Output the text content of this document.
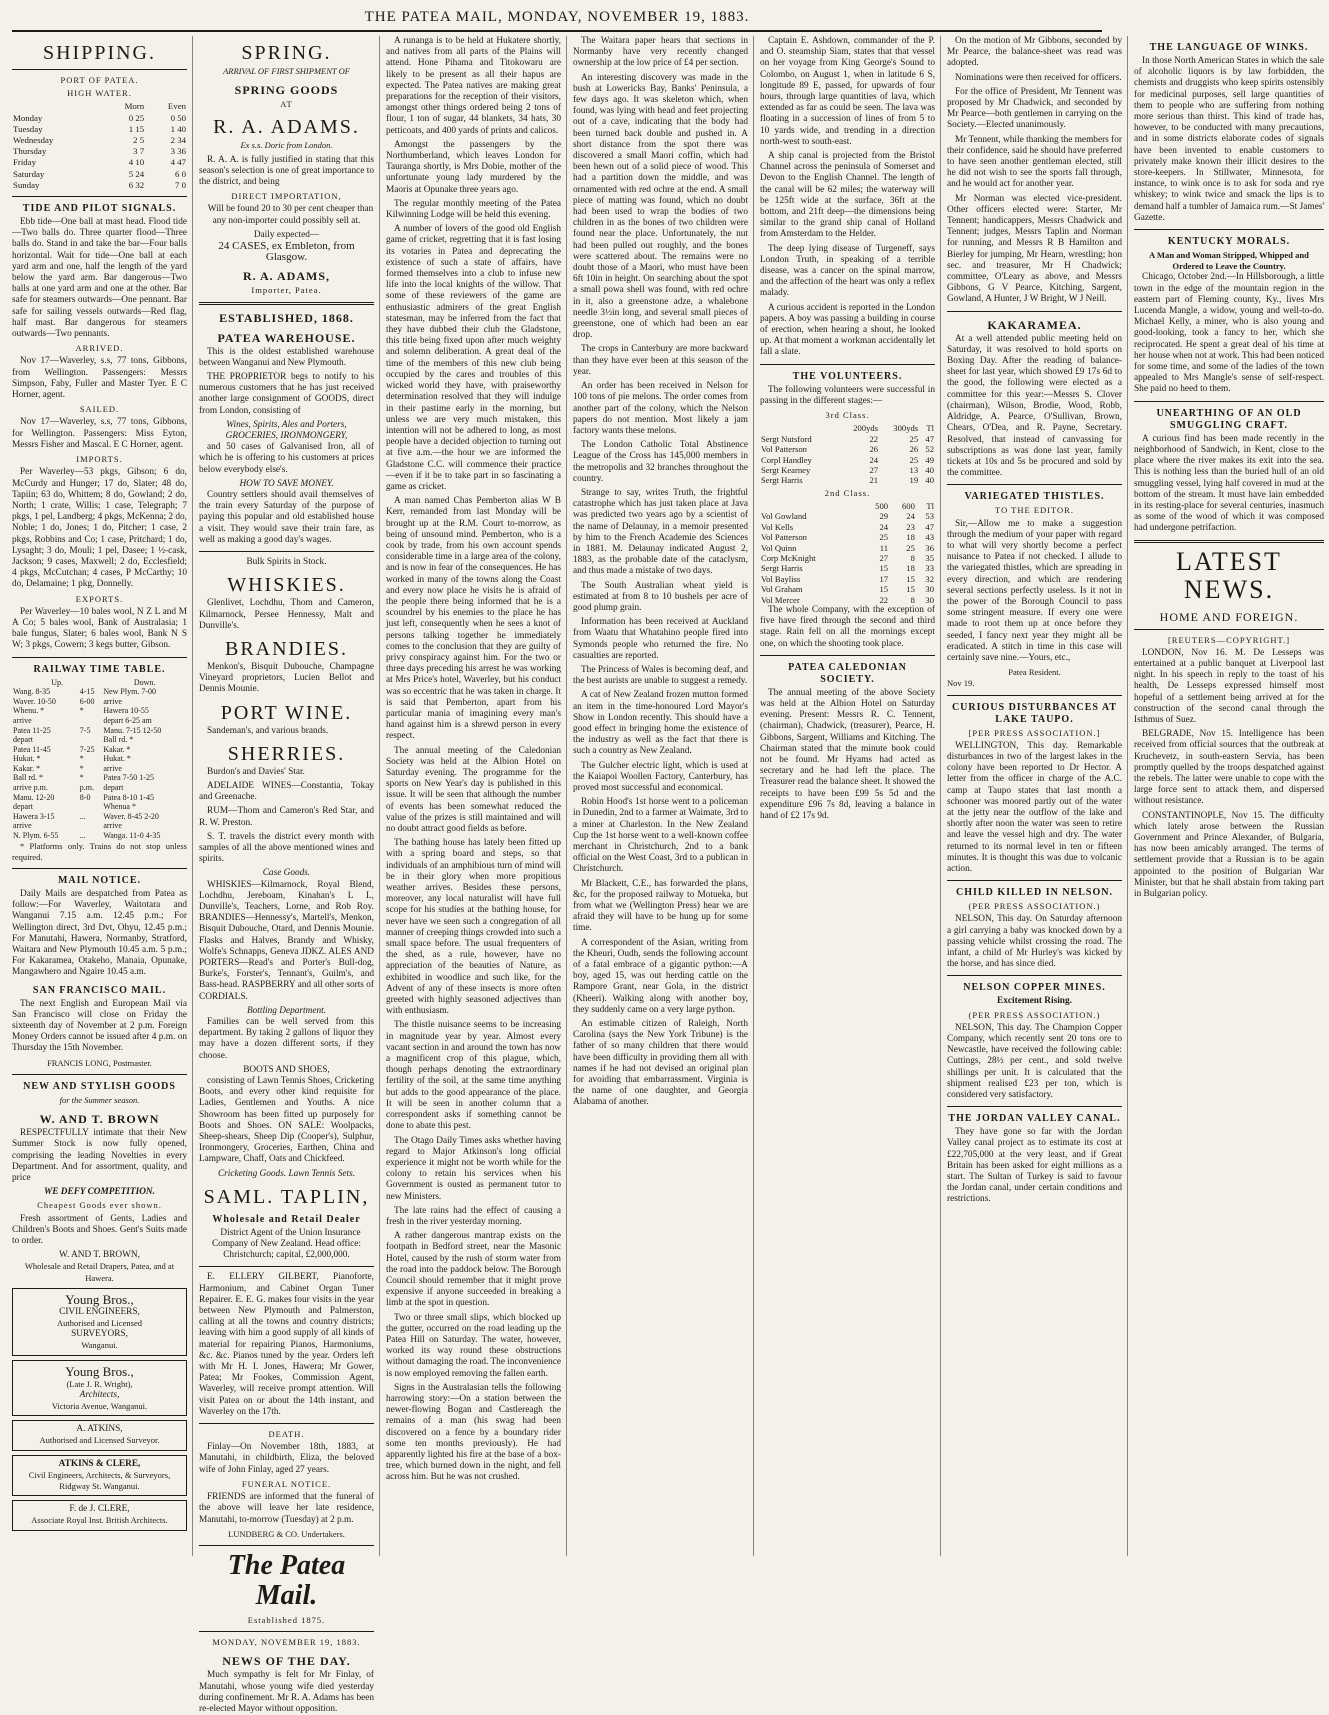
THE PATEA MAIL, MONDAY, NOVEMBER 19, 1883.
SHIPPING.
PORT OF PATEA.
HIGH WATER.
	Morn	Even
Monday	0 25	0 50
Tuesday	1 15	1 40
Wednesday	2 5	2 34
Thursday	3 7	3 36
Friday	4 10	4 47
Saturday	5 24	6 0
Sunday	6 32	7 0
TIDE AND PILOT SIGNALS.

Ebb tide—One ball at mast head. Flood tide—Two balls do. Three quarter flood—Three balls do. Stand in and take the bar—Four balls horizontal. Wait for tide—One ball at each yard arm and one, half the length of the yard below the yard arm. Bar dangerous—Two balls at one yard arm and one at the other. Bar safe for steamers outwards—One pennant. Bar safe for sailing vessels outwards—Red flag, half mast. Bar dangerous for steamers outwards—Two pennants.

ARRIVED.

Nov 17—Waverley, s.s, 77 tons, Gibbons, from Wellington. Passengers: Messrs Simpson, Faby, Fuller and Master Tyer. E C Horner, agent.

SAILED.

Nov 17—Waverley, s.s, 77 tons, Gibbons, for Wellington. Passengers: Miss Eyton, Messrs Fisher and Mascal. E C Horner, agent.

IMPORTS.

Per Waverley—53 pkgs, Gibson; 6 do, McCurdy and Hunger; 17 do, Slater; 48 do, Tapiin; 63 do, Whittem; 8 do, Gowland; 2 do, North; 1 crate, Willis; 1 case, Telegraph; 7 pkgs, 1 pel, Landberg; 4 pkgs, McKenna; 2 do, Noble; 1 do, Jones; 1 do, Pitcher; 1 case, 2 pkgs, Robbins and Co; 1 case, Pritchard; 1 do, Lysaght; 3 do, Mouli; 1 pel, Dasee; 1 ½-cask, Jackson; 9 cases, Maxwell; 2 do, Ecclesfield; 4 pkgs, McCutchan; 4 cases, P McCarthy; 10 do, Delamaine; 1 pkg, Donnelly.

EXPORTS.

Per Waverley—10 bales wool, N Z L and M A Co; 5 bales wool, Bank of Australasia; 1 bale fungus, Slater; 6 bales wool, Bank N S W; 3 pkgs, Cowern; 3 kegs butter, Gibson.

RAILWAY TIME TABLE.
Up.		Down.
Wang. 8-35	4-15	New Plym. 7-00
Waver. 10-50	6-00	arrive
Whenu. *	*	Hawera 10-55
arrive		depart 6-25 am
Patea 11-25	7-5	Manu. 7-15 12-50
depart		Ball rd. *
Patea 11-45	7-25	Kakar. *
Hukat. *	*	Hukat. *
Kakar. *	*	arrive
Ball rd. *	*	Patea 7-50 1-25
arrive p.m.	p.m.	depart
Manu. 12-20	8-0	Patea 8-10 1-45
depart		Whenua *
Hawera 3-15	...	Waver. 8-45 2-20
arrive		arrive
N. Plym. 6-55	...	Wanga. 11-0 4-35

* Platforms only. Trains do not stop unless required.

MAIL NOTICE.

Daily Mails are despatched from Patea as follow:—For Waverley, Waitotara and Wanganui 7.15 a.m. 12.45 p.m.; For Wellington direct, 3rd Dvt, Ohyu, 12.45 p.m.; For Manutahi, Hawera, Normanby, Stratford, Waitara and New Plymouth 10.45 a.m. 5 p.m.; For Kakaramea, Otakeho, Manaia, Opunake, Mangawhero and Ngaire 10.45 a.m.

SAN FRANCISCO MAIL.

The next English and European Mail via San Francisco will close on Friday the sixteenth day of November at 2 p.m. Foreign Money Orders cannot be issued after 4 p.m. on Thursday the 15th November.

FRANCIS LONG, Postmaster.
NEW AND STYLISH GOODS
for the Summer season.
W. AND T. BROWN

RESPECTFULLY intimate that their New Summer Stock is now fully opened, comprising the leading Novelties in every Department. And for assortment, quality, and price

WE DEFY COMPETITION.
Cheapest Goods ever shown.

Fresh assortment of Gents, Ladies and Children's Boots and Shoes. Gent's Suits made to order.

W. AND T. BROWN,
Wholesale and Retail Drapers, Patea, and at Hawera.
Young Bros.,
CIVIL ENGINEERS,
Authorised and Licensed
SURVEYORS,
Wanganui.
Young Bros.,
(Late J. R. Wright),
Architects,
Victoria Avenue, Wanganui.
A. ATKINS,
Authorised and Licensed Surveyor.
ATKINS & CLERE,
Civil Engineers, Architects, & Surveyors, Ridgway St. Wanganui.
F. de J. CLERE,
Associate Royal Inst. British Architects.
SPRING.
ARRIVAL OF FIRST SHIPMENT OF
SPRING GOODS
AT
R. A. ADAMS.
Ex s.s. Doric from London.

R. A. A. is fully justified in stating that this season's selection is one of great importance to the district, and being

DIRECT IMPORTATION,

Will be found 20 to 30 per cent cheaper than any non-importer could possibly sell at.

Daily expected—
24 CASES, ex Embleton, from Glasgow.
R. A. ADAMS,
Importer, Patea.
ESTABLISHED, 1868.
PATEA WAREHOUSE.

This is the oldest established warehouse between Wanganui and New Plymouth.

THE PROPRIETOR begs to notify to his numerous customers that he has just received another large consignment of GOODS, direct from London, consisting of

Wines, Spirits, Ales and Porters, GROCERIES, IRONMONGERY,

and 50 cases of Galvanised Iron, all of which he is offering to his customers at prices below everybody else's.

HOW TO SAVE MONEY.

Country settlers should avail themselves of the train every Saturday of the purpose of paying this popular and old established house a visit. They would save their train fare, as well as making a good day's wages.

Bulk Spirits in Stock.
WHISKIES.

Glenlivet, Lochdhu, Thom and Cameron, Kilmarnock, Persee Hennessy, Malt and Dunville's.

BRANDIES.

Menkon's, Bisquit Dubouche, Champagne Vineyard proprietors, Lucien Bellot and Dennis Mounie.

PORT WINE.

Sandeman's, and various brands.

SHERRIES.

Burdon's and Davies' Star.

ADELAIDE WINES—Constantia, Tokay and Greenache.

RUM—Thom and Cameron's Red Star, and R. W. Preston.

S. T. travels the district every month with samples of all the above mentioned wines and spirits.

Case Goods.

WHISKIES—Kilmarnock, Royal Blend, Lochdhu, Jereboam, Kinahan's L L, Dunville's, Teachers, Lorne, and Rob Roy. BRANDIES—Hennessy's, Martell's, Menkon, Bisquit Dubouche, Otard, and Dennis Mounie. Flasks and Halves, Brandy and Whisky, Wolfe's Schnapps, Geneva JDKZ. ALES AND PORTERS—Read's and Porter's Bull-dog, Burke's, Forster's, Tennant's, Guilm's, and Bass-head. RASPBERRY and all other sorts of CORDIALS.

Bottling Department.

Families can be well served from this department. By taking 2 gallons of liquor they may have a dozen different sorts, if they choose.

BOOTS AND SHOES,

consisting of Lawn Tennis Shoes, Cricketing Boots, and every other kind requisite for Ladies, Gentlemen and Youths. A nice Showroom has been fitted up purposely for Boots and Shoes. ON SALE: Woolpacks, Sheep-shears, Sheep Dip (Cooper's), Sulphur, Ironmongery, Groceries, Earthen, China and Lampware, Chaff, Oats and Chickfeed.

Cricketing Goods. Lawn Tennis Sets.
SAML. TAPLIN,
Wholesale and Retail Dealer

District Agent of the Union Insurance Company of New Zealand. Head office: Christchurch; capital, £2,000,000.

E. ELLERY GILBERT, Pianoforte, Harmonium, and Cabinet Organ Tuner Repairer. E. E. G. makes four visits in the year between New Plymouth and Palmerston, calling at all the towns and country districts; leaving with him a good supply of all kinds of material for repairing Pianos, Harmoniums, &c. &c. Pianos tuned by the year. Orders left with Mr H. I. Jones, Hawera; Mr Gower, Patea; Mr Fookes, Commission Agent, Waverley, will receive prompt attention. Will visit Patea on or about the 14th instant, and Waverley on the 17th.

DEATH.

Finlay—On November 18th, 1883, at Manutahi, in childbirth, Eliza, the beloved wife of John Finlay, aged 27 years.

FUNERAL NOTICE.

FRIENDS are informed that the funeral of the above will leave her late residence, Manutahi, to-morrow (Tuesday) at 2 p.m.

LUNDBERG & CO. Undertakers.
The Patea Mail.
Established 1875.
MONDAY, NOVEMBER 19, 1883.
NEWS OF THE DAY.

Much sympathy is felt for Mr Finlay, of Manutahi, whose young wife died yesterday during confinement. Mr R. A. Adams has been re-elected Mayor without opposition.

A runanga is to be held at Hukatere shortly, and natives from all parts of the Plains will attend. Hone Pihama and Titokowaru are likely to be present as all their hapus are expected. The Patea natives are making great preparations for the reception of their visitors, amongst other things ordered being 2 tons of flour, 1 ton of sugar, 44 blankets, 34 hats, 30 petticoats, and 400 yards of prints and calicos.

Amongst the passengers by the Northumberland, which leaves London for Tauranga shortly, is Mrs Dobie, mother of the unfortunate young lady murdered by the Maoris at Opunake three years ago.

The regular monthly meeting of the Patea Kilwinning Lodge will be held this evening.

A number of lovers of the good old English game of cricket, regretting that it is fast losing its votaries in Patea and deprecating the existence of such a state of affairs, have formed themselves into a club to infuse new life into the local knights of the willow. That some of these reviewers of the game are enthusiastic admirers of the great English statesman, may be inferred from the fact that they have dubbed their club the Gladstone, this title being fixed upon after much weighty and solemn deliberation. A great deal of the time of the members of this new club being occupied by the cares and troubles of this wicked world they have, with praiseworthy determination resolved that they will indulge in their pastime early in the morning, but unless we are very much mistaken, this intention will not be adhered to long, as most people have a decided objection to turning out at five a.m.—the hour we are informed the Gladstone C.C. will commence their practice—even if it be to take part in so fascinating a game as cricket.

A man named Chas Pemberton alias W B Kerr, remanded from last Monday will be brought up at the R.M. Court to-morrow, as being of unsound mind. Pemberton, who is a cook by trade, from his own account spends considerable time in a large area of the colony, and is now in fear of the consequences. He has worked in many of the towns along the Coast and every now place he visits he is afraid of the people there being informed that he is a scoundrel by his enemies to the place he has just left, consequently when he sees a knot of persons talking together he immediately comes to the conclusion that they are guilty of privy conspiracy against him. For the two or three days preceding his arrest he was working at Mrs Price's hotel, Waverley, but his conduct was so eccentric that he was taken in charge. It is said that Pemberton, apart from his particular mania of imagining every man's hand against him is a shrewd person in every respect.

The annual meeting of the Caledonian Society was held at the Albion Hotel on Saturday evening. The programme for the sports on New Year's day is published in this issue. It will be seen that although the number of events has been somewhat reduced the value of the prizes is still maintained and will no doubt attract good fields as before.

The bathing house has lately been fitted up with a spring board and steps, so that individuals of an amphibious turn of mind will be in their glory when more propitious weather arrives. Besides these persons, moreover, any local naturalist will have full scope for his studies at the bathing house, for never have we seen such a congregation of all manner of creeping things crowded into such a small space before. The usual frequenters of the shed, as a rule, however, have no appreciation of the beauties of Nature, as exhibited in woodlice and such like, for the Advent of any of these insects is more often greeted with highly seasoned adjectives than with enthusiasm.

The thistle nuisance seems to be increasing in magnitude year by year. Almost every vacant section in and around the town has now a magnificent crop of this plague, which, though perhaps denoting the extraordinary fertility of the soil, at the same time anything but adds to the good appearance of the place. It will be seen in another column that a correspondent asks if something cannot be done to abate this pest.

The Otago Daily Times asks whether having regard to Major Atkinson's long official experience it might not be worth while for the colony to retain his services when his Government is ousted as permanent tutor to new Ministers.

The late rains had the effect of causing a fresh in the river yesterday morning.

A rather dangerous mantrap exists on the footpath in Bedford street, near the Masonic Hotel, caused by the rush of storm water from the road into the paddock below. The Borough Council should remember that it might prove expensive if anyone succeeded in breaking a limb at the spot in question.

Two or three small slips, which blocked up the gutter, occurred on the road leading up the Patea Hill on Saturday. The water, however, worked its way round these obstructions without damaging the road. The inconvenience is now employed removing the fallen earth.

Signs in the Australasian tells the following harrowing story:—On a station between the newer-flowing Bogan and Castlereagh the remains of a man (his swag had been discovered on a fence by a boundary rider some ten months previously). He had apparently lighted his fire at the base of a box-tree, which burned down in the night, and fell across him. But he was not crushed.

The Waitara paper hears that sections in Normanby have very recently changed ownership at the low price of £4 per section.

An interesting discovery was made in the bush at Lowericks Bay, Banks' Peninsula, a few days ago. It was skeleton which, when found, was lying with head and feet projecting out of a cave, indicating that the body had been turned back double and pushed in. A short distance from the spot there was discovered a small Maori coffin, which had been hewn out of a solid piece of wood. This had a partition down the middle, and was ornamented with red ochre at the end. A small piece of matting was found, which no doubt had been used to wrap the bodies of two children in as the bones of two children were found near the place. Unfortunately, the nut had been pulled out roughly, and the bones were scattered about. The remains were no doubt those of a Maori, who must have been 6ft 10in in height. On searching about the spot a small powa shell was found, with red ochre in it, also a greenstone adze, a whalebone needle 3½in long, and several small pieces of greenstone, one of which had been an ear drop.

The crops in Canterbury are more backward than they have ever been at this season of the year.

An order has been received in Nelson for 100 tons of pie melons. The order comes from another part of the colony, which the Nelson papers do not mention. Most likely a jam factory wants these melons.

The London Catholic Total Abstinence League of the Cross has 145,000 members in the metropolis and 32 branches throughout the country.

Strange to say, writes Truth, the frightful catastrophe which has just taken place at Java was predicted two years ago by a scientist of the name of Delaunay, in a memoir presented by him to the French Academie des Sciences in 1881. M. Delaunay indicated August 2, 1883, as the probable date of the cataclysm, and thus made a mistake of two days.

The South Australian wheat yield is estimated at from 8 to 10 bushels per acre of good plump grain.

Information has been received at Auckland from Waatu that Whatahino people fired into Symonds people who returned the fire. No casualties are reported.

The Princess of Wales is becoming deaf, and the best aurists are unable to suggest a remedy.

A cat of New Zealand frozen mutton formed an item in the time-honoured Lord Mayor's Show in London recently. This should have a good effect in bringing home the existence of the industry as well as the fact that there is such a country as New Zealand.

The Gulcher electric light, which is used at the Kaiapoi Woollen Factory, Canterbury, has proved most successful and economical.

Robin Hood's 1st horse went to a policeman in Dunedin, 2nd to a farmer at Waimate, 3rd to a miner at Charleston. In the New Zealand Cup the 1st horse went to a well-known coffee merchant in Christchurch, 2nd to a bank official on the West Coast, 3rd to a publican in Christchurch.

Mr Blackett, C.E., has forwarded the plans, &c, for the proposed railway to Motueka, but from what we (Wellington Press) hear we are afraid they will have to be hung up for some time.

A correspondent of the Asian, writing from the Kheuri, Oudh, sends the following account of a fatal embrace of a gigantic python:—A boy, aged 15, was out herding cattle on the Rampore Grant, near Gola, in the district (Kheeri). Walking along with another boy, they suddenly came on a very large python.

An estimable citizen of Raleigh, North Carolina (says the New York Tribune) is the father of so many children that there would have been difficulty in providing them all with names if he had not devised an original plan for avoiding that embarrassment. Virginia is the name of one daughter, and Georgia Alabama of another.

Captain E. Ashdown, commander of the P. and O. steamship Siam, states that that vessel on her voyage from King George's Sound to Colombo, on August 1, when in latitude 6 S, longitude 89 E, passed, for upwards of four hours, through large quantities of lava, which extended as far as could be seen. The lava was floating in a succession of lines of from 5 to 10 yards wide, and trending in a direction north-west to south-east.

A ship canal is projected from the Bristol Channel across the peninsula of Somerset and Devon to the English Channel. The length of the canal will be 62 miles; the waterway will be 125ft wide at the surface, 36ft at the bottom, and 21ft deep—the dimensions being similar to the grand ship canal of Holland from Amsterdam to the Helder.

The deep lying disease of Turgeneff, says London Truth, in speaking of a terrible disease, was a cancer on the spinal marrow, and the affection of the heart was only a reflex malady.

A curious accident is reported in the London papers. A boy was passing a building in course of erection, when hearing a shout, he looked up. At that moment a workman accidentally let fall a slate.

THE VOLUNTEERS.

The following volunteers were successful in passing in the different stages:—

3rd Class.
	200yds	300yds	Tl
Sergt Nutsford	22	25	47
Vol Patterson	26	26	52
Corpl Handley	24	25	49
Sergt Kearney	27	13	40
Sergt Harris	21	19	40
2nd Class.
	500	600	Tl
Vol Gowland	29	24	53
Vol Kells	24	23	47
Vol Patterson	25	18	43
Vol Quinn	11	25	36
Corp McKnight	27	8	35
Sergt Harris	15	18	33
Vol Bayliss	17	15	32
Vol Graham	15	15	30
Vol Mercer	22	8	30

The whole Company, with the exception of five have fired through the second and third stage. Rain fell on all the mornings except one, on which the shooting took place.

PATEA CALEDONIAN SOCIETY.

The annual meeting of the above Society was held at the Albion Hotel on Saturday evening. Present: Messrs R. C. Tennent, (chairman), Chadwick, (treasurer), Pearce, H. Gibbons, Sargent, Williams and Kitching. The Chairman stated that the minute book could not be found. Mr Hyams had acted as secretary and he had left the place. The Treasurer read the balance sheet. It showed the receipts to have been £99 5s 5d and the expenditure £96 7s 8d, leaving a balance in hand of £2 17s 9d.

On the motion of Mr Gibbons, seconded by Mr Pearce, the balance-sheet was read was adopted.

Nominations were then received for officers.

For the office of President, Mr Tennent was proposed by Mr Chadwick, and seconded by Mr Pearce—both gentlemen in carrying on the Society.—Elected unanimously.

Mr Tennent, while thanking the members for their confidence, said he should have preferred to have seen another gentleman elected, still he did not wish to see the sports fall through, and he would act for another year.

Mr Norman was elected vice-president. Other officers elected were: Starter, Mr Tennent; handicappers, Messrs Chadwick and Tennent; judges, Messrs Taplin and Norman for running, and Messrs R B Hamilton and Bierley for jumping, Mr Hearn, wrestling; hon sec. and treasurer, Mr H Chadwick; committee, O'Leary as above, and Messrs Gibbons, G V Pearce, Kitching, Sargent, Gowland, A Hunter, J W Bright, W J Neill.

KAKARAMEA.

At a well attended public meeting held on Saturday, it was resolved to hold sports on Boxing Day. After the reading of balance-sheet for last year, which showed £9 17s 6d to the good, the following were elected as a committee for this year:—Messrs S. Clover (chairman), Wilson, Brodie, Wood, Robb, Aldridge, A. Pearce, O'Sullivan, Brown, Chears, O'Dea, and R. Payne, Secretary. Resolved, that instead of canvassing for subscriptions as was done last year, family tickets at 10s and 5s be procured and sold by the committee.

VARIEGATED THISTLES.
TO THE EDITOR.

Sir,—Allow me to make a suggestion through the medium of your paper with regard to what will very shortly become a perfect nuisance to Patea if not checked. I allude to the variegated thistles, which are spreading in every direction, and which are rendering several sections perfectly useless. Is it not in the power of the Borough Council to pass some stringent measure. If every one were made to root them up at once before they seeded, I fancy next year they might all be eradicated. A stitch in time in this case will certainly save nine.—Yours, etc.,

Patea Resident.
Nov 19.
CURIOUS DISTURBANCES AT LAKE TAUPO.
[PER PRESS ASSOCIATION.]

WELLINGTON, This day. Remarkable disturbances in two of the largest lakes in the colony have been reported to Dr Hector. A letter from the officer in charge of the A.C. camp at Taupo states that last month a schooner was moored partly out of the water at the jetty near the outflow of the lake and shortly after noon the water was seen to retire and leave the vessel high and dry. The water returned to its normal level in ten or fifteen minutes. It is thought this was due to volcanic action.

CHILD KILLED IN NELSON.
(PER PRESS ASSOCIATION.)

NELSON, This day. On Saturday afternoon a girl carrying a baby was knocked down by a passing vehicle whilst crossing the road. The infant, a child of Mr Hurley's was kicked by the horse, and has since died.

NELSON COPPER MINES.
Excitement Rising.
(PER PRESS ASSOCIATION.)

NELSON, This day. The Champion Copper Company, which recently sent 20 tons ore to Newcastle, have received the following cable: Cuttings, 28½ per cent., and sold twelve shillings per unit. It is calculated that the shipment realised £23 per ton, which is considered very satisfactory.

THE JORDAN VALLEY CANAL.

They have gone so far with the Jordan Valley canal project as to estimate its cost at £22,705,000 at the very least, and if Great Britain has been asked for eight millions as a start. The Sultan of Turkey is said to favour the Jordan canal, under certain conditions and restrictions.

THE LANGUAGE OF WINKS.

In those North American States in which the sale of alcoholic liquors is by law forbidden, the chemists and druggists who keep spirits ostensibly for medicinal purposes, sell large quantities of them to people who are suffering from nothing more serious than thirst. This kind of trade has, however, to be conducted with many precautions, and in some districts elaborate codes of signals have been invented to enable customers to privately make known their illicit desires to the store-keepers. In Stillwater, Minnesota, for instance, to wink once is to ask for soda and rye whiskey; to wink twice and smack the lips is to demand half a tumbler of Jamaica rum.—St James' Gazette.

KENTUCKY MORALS.
A Man and Woman Stripped, Whipped and Ordered to Leave the Country.

Chicago, October 2nd.—In Hillsborough, a little town in the edge of the mountain region in the eastern part of Fleming county, Ky., lives Mrs Lucenda Mangle, a widow, young and well-to-do. Michael Kelly, a miner, who is also young and good-looking, took a fancy to her, which she reciprocated. He spent a great deal of his time at her house when not at work. This had been noticed for some time, and some of the ladies of the town appealed to Mrs Mangle's sense of self-respect. She paid no heed to them.

UNEARTHING OF AN OLD SMUGGLING CRAFT.

A curious find has been made recently in the neighborhood of Sandwich, in Kent, close to the place where the river makes its exit into the sea. This is nothing less than the buried hull of an old smuggling vessel, lying half covered in mud at the bottom of the stream. It must have lain embedded in its resting-place for several centuries, inasmuch as some of the wood of which it was composed had undergone petrifaction.

LATEST NEWS.
HOME AND FOREIGN.
[REUTERS—COPYRIGHT.]

LONDON, Nov 16. M. De Lesseps was entertained at a public banquet at Liverpool last night. In his speech in reply to the toast of his health, De Lesseps expressed himself most hopeful of a settlement being arrived at for the construction of the second canal through the Isthmus of Suez.

BELGRADE, Nov 15. Intelligence has been received from official sources that the outbreak at Kruchevetz, in south-eastern Servia, has been promptly quelled by the troops despatched against the rebels. The latter were unable to cope with the large force sent to attack them, and dispersed without resistance.

CONSTANTINOPLE, Nov 15. The difficulty which lately arose between the Russian Government and Prince Alexander, of Bulgaria, has now been amicably arranged. The terms of settlement provide that a Russian is to be again appointed to the position of Bulgarian War Minister, but that he shall abstain from taking part in Bulgarian policy.
